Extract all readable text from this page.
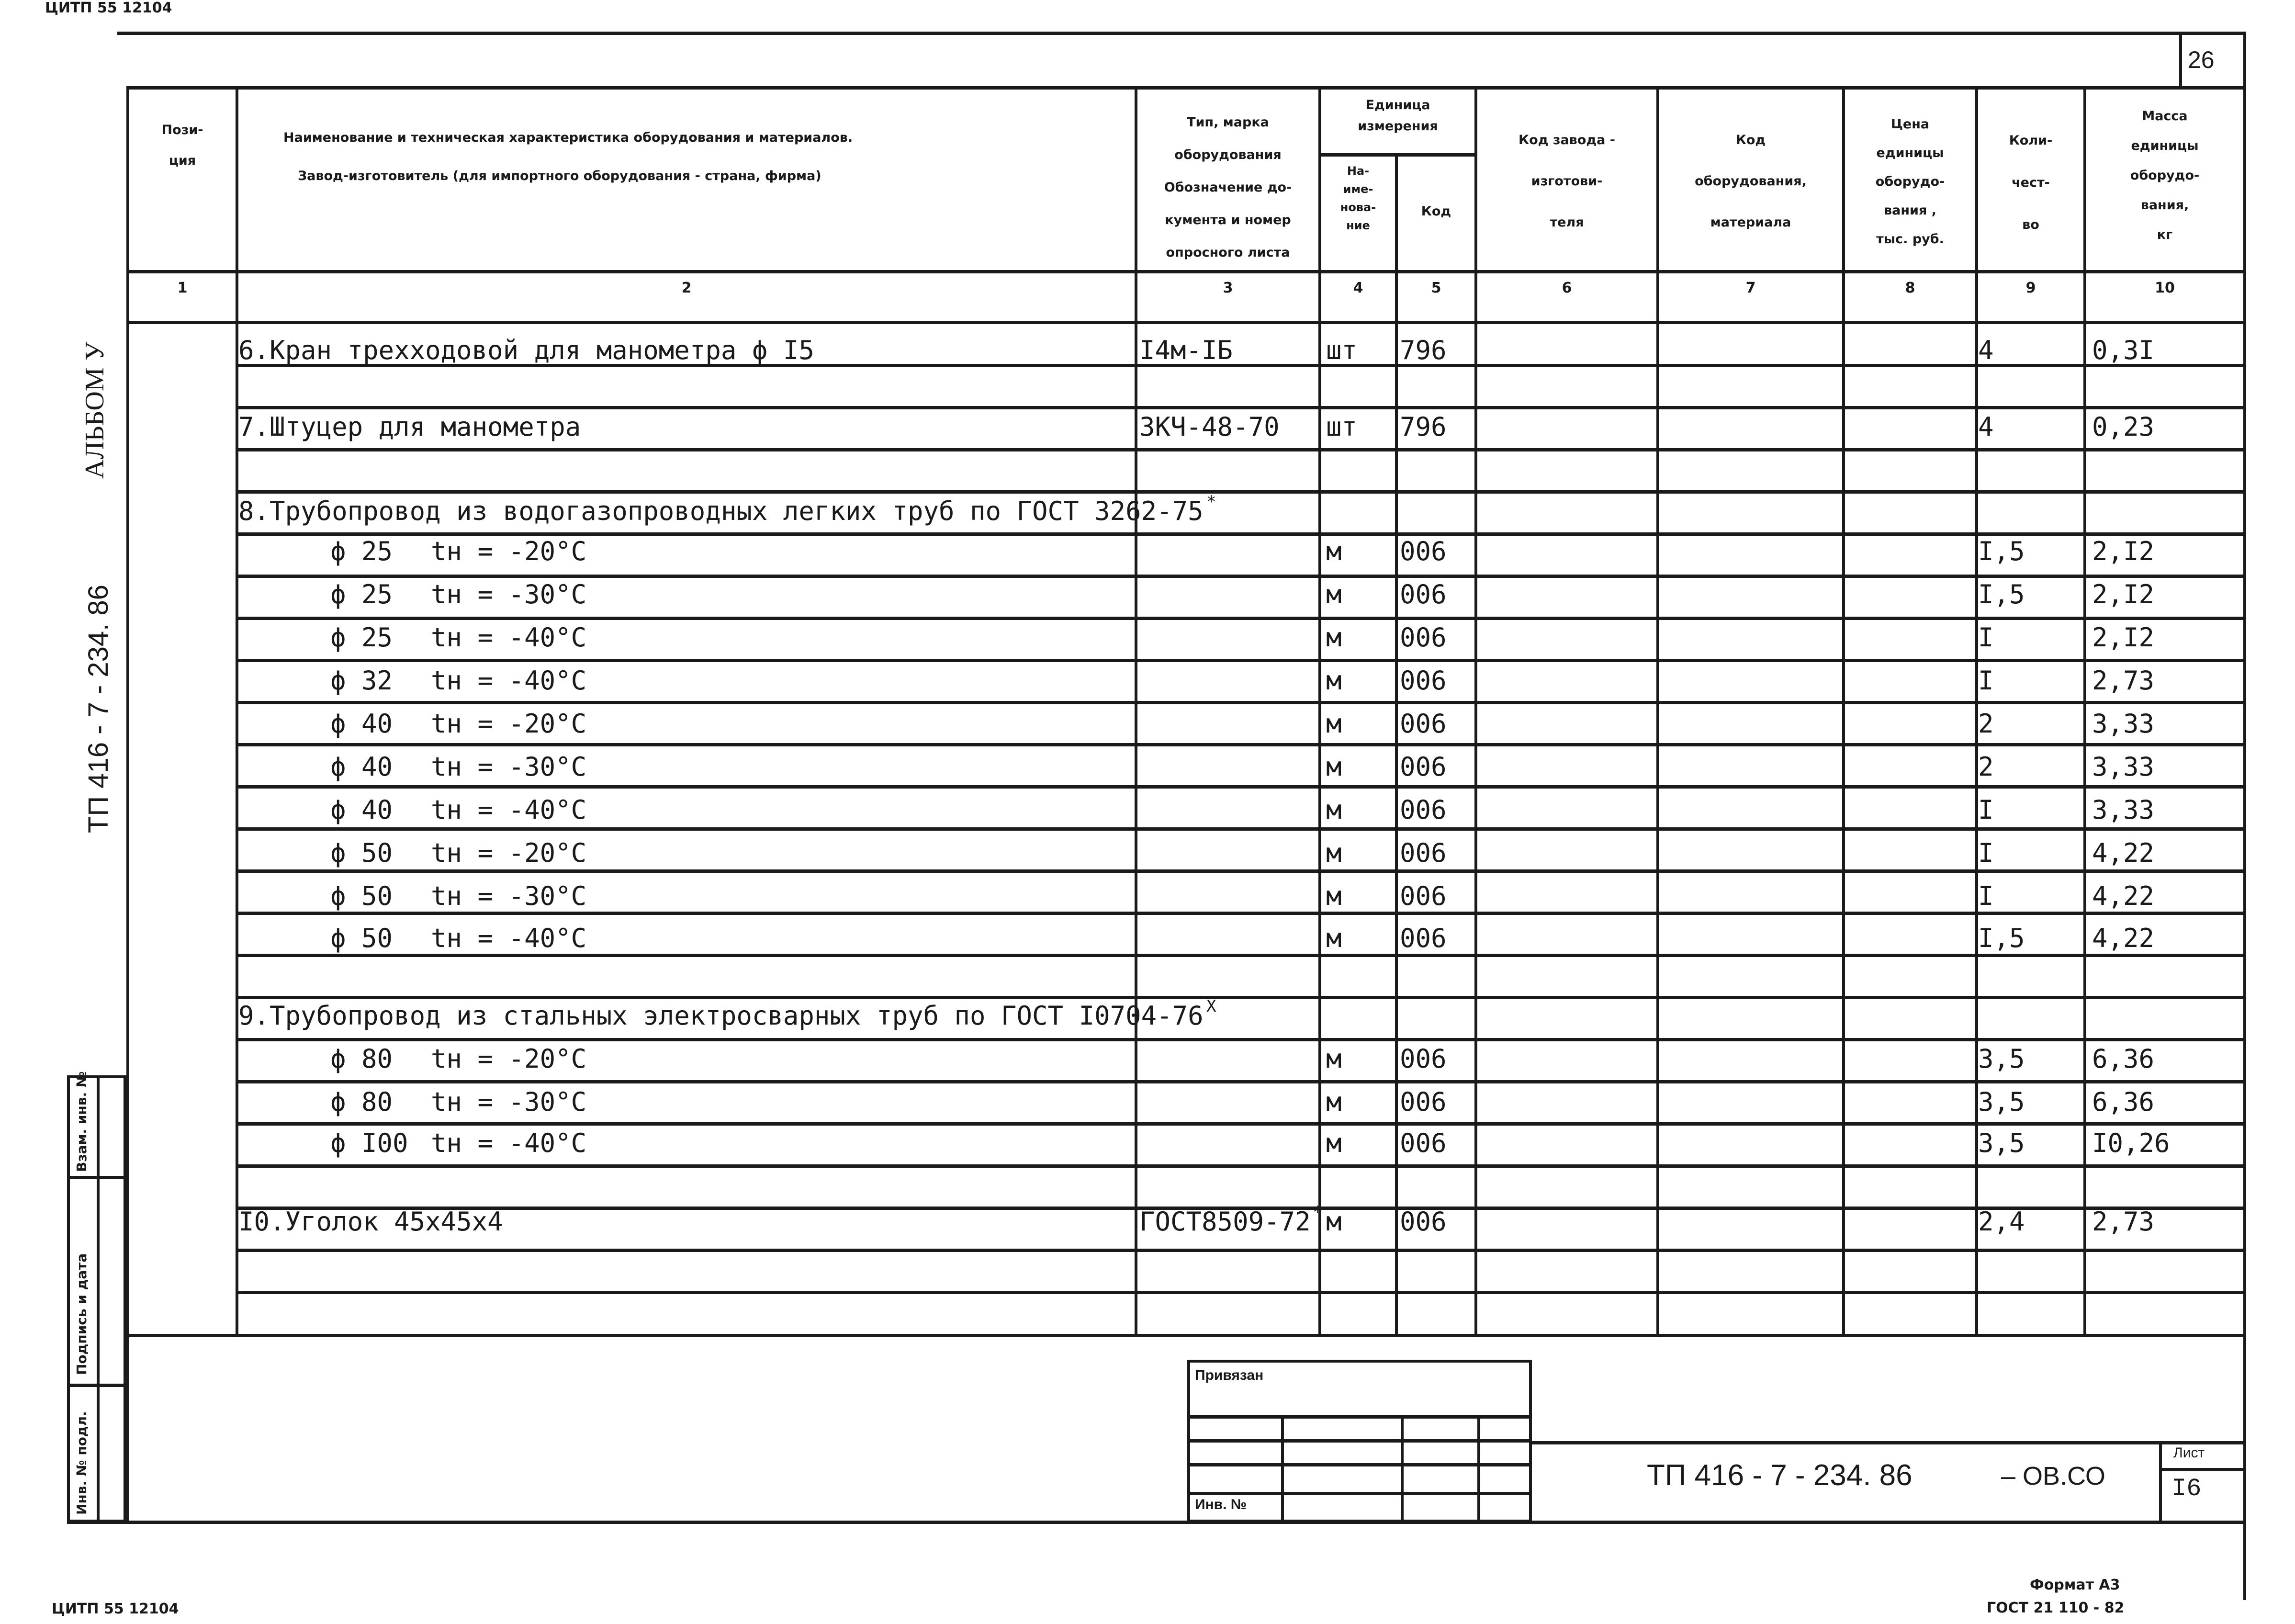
ЦИТП 55 12104
ЦИТП 55 12104
Формат А3
ГОСТ 21 110 - 82
26
Пози-
ция
Наименование и техническая характеристика оборудования и материалов.
Завод-изготовитель (для импортного оборудования - страна, фирма)
Тип, марка
оборудования
Обозначение до-
кумента и номер
опросного листа
Единица
измерения
На-
име-
нова-
ние
Код
Код завода -
изготови-
теля
Код
оборудования,
материала
Цена
единицы
оборудо-
вания ,
тыс. руб.
Коли-
чест-
во
Масса
единицы
оборудо-
вания,
кг
1	2	3	4	5	6	7	8	9	10
6.Кран трехходовой для манометра ϕ I5	I4м-IБ	шт 796	4	0,3I
7.Штуцер для манометра	3КЧ-48-70 шт 796	4	0,23
8.Трубопровод из водогазопроводных легких труб по ГОСТ 3262-75 *
ϕ 25 tн = -20°C	м 006	I,5	2,I2
ϕ 25 tн = -30°C	м 006	I,5	2,I2
ϕ 25 tн = -40°C	м 006	I	2,I2
ϕ 32 tн = -40°C	м 006	I	2,73
ϕ 40 tн = -20°C	м 006	2	3,33
ϕ 40 tн = -30°C	м 006	2	3,33
ϕ 40 tн = -40°C	м 006	I	3,33
ϕ 50 tн = -20°C	м 006	I	4,22
ϕ 50 tн = -30°C	м 006	I	4,22
ϕ 50 tн = -40°C	м 006	I,5	4,22
9.Трубопровод из стальных электросварных труб по ГОСТ I0704-76 X
ϕ 80 tн = -20°C	м 006	3,5	6,36
ϕ 80 tн = -30°C	м 006	3,5	6,36
ϕ I00 tн = -40°C	м 006	3,5	I0,26
I0.Уголок 45х45х4	ГОСТ8509-72 м 006	2,4	2,73
*
Привязан
Инв. №
ТП 416 - 7 - 234. 86	– ОВ.СО
Лист
I6
Взам. инв. №
Подпись и дата
Инв. № подл.
АЛЬБОМ У
ТП 416 - 7 - 234. 86
